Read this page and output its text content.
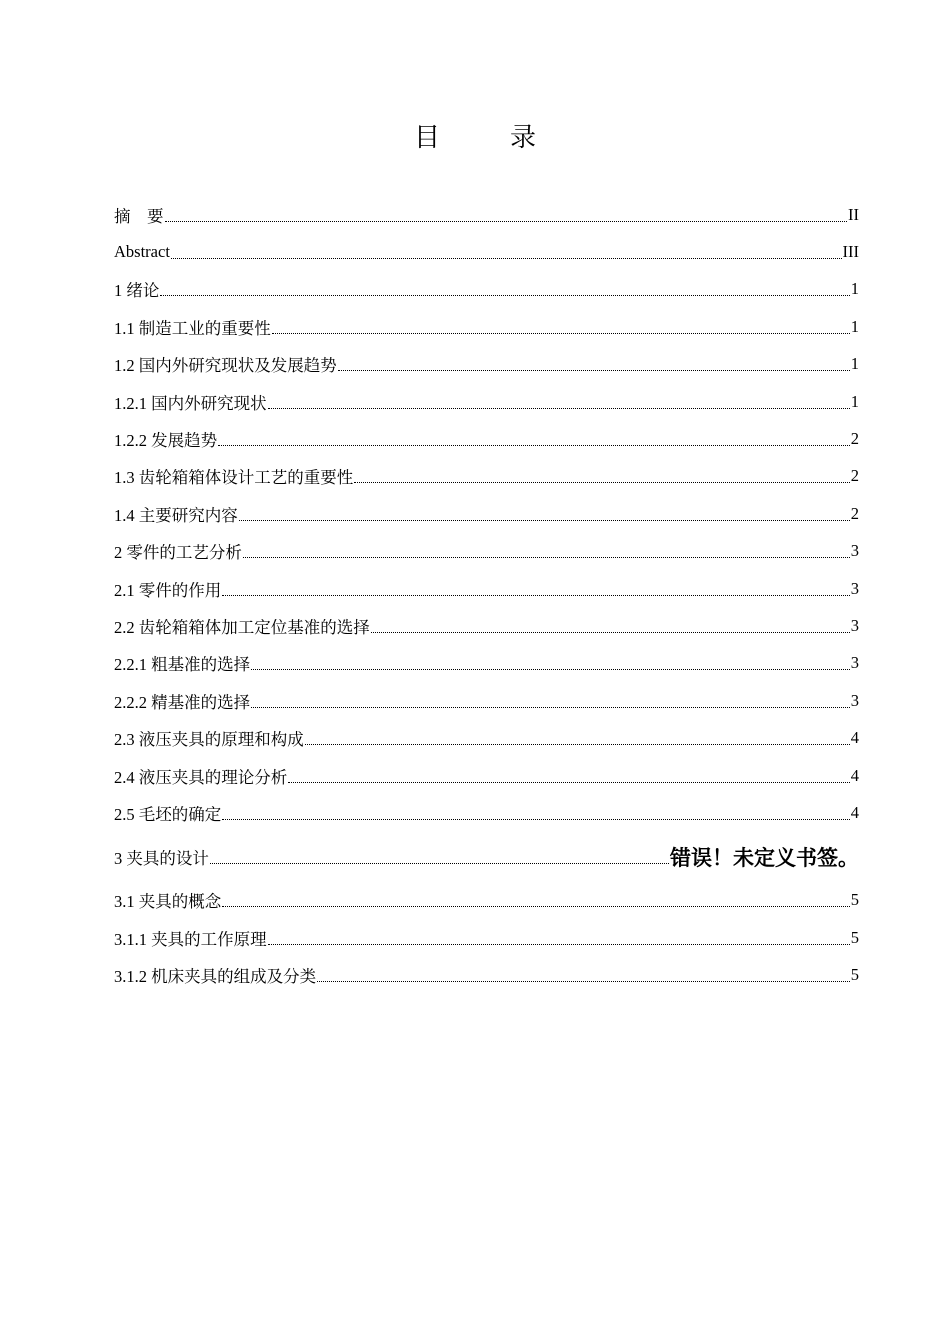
目　录
摘　要	II
Abstract	III
1 绪论	1
1.1 制造工业的重要性	1
1.2 国内外研究现状及发展趋势	1
1.2.1 国内外研究现状	1
1.2.2 发展趋势	2
1.3 齿轮箱箱体设计工艺的重要性	2
1.4 主要研究内容	2
2 零件的工艺分析	3
2.1 零件的作用	3
2.2 齿轮箱箱体加工定位基准的选择	3
2.2.1 粗基准的选择	3
2.2.2 精基准的选择	3
2.3 液压夹具的原理和构成	4
2.4 液压夹具的理论分析	4
2.5 毛坯的确定	4
3 夹具的设计	错误！未定义书签。
3.1 夹具的概念	5
3.1.1 夹具的工作原理	5
3.1.2 机床夹具的组成及分类	5
